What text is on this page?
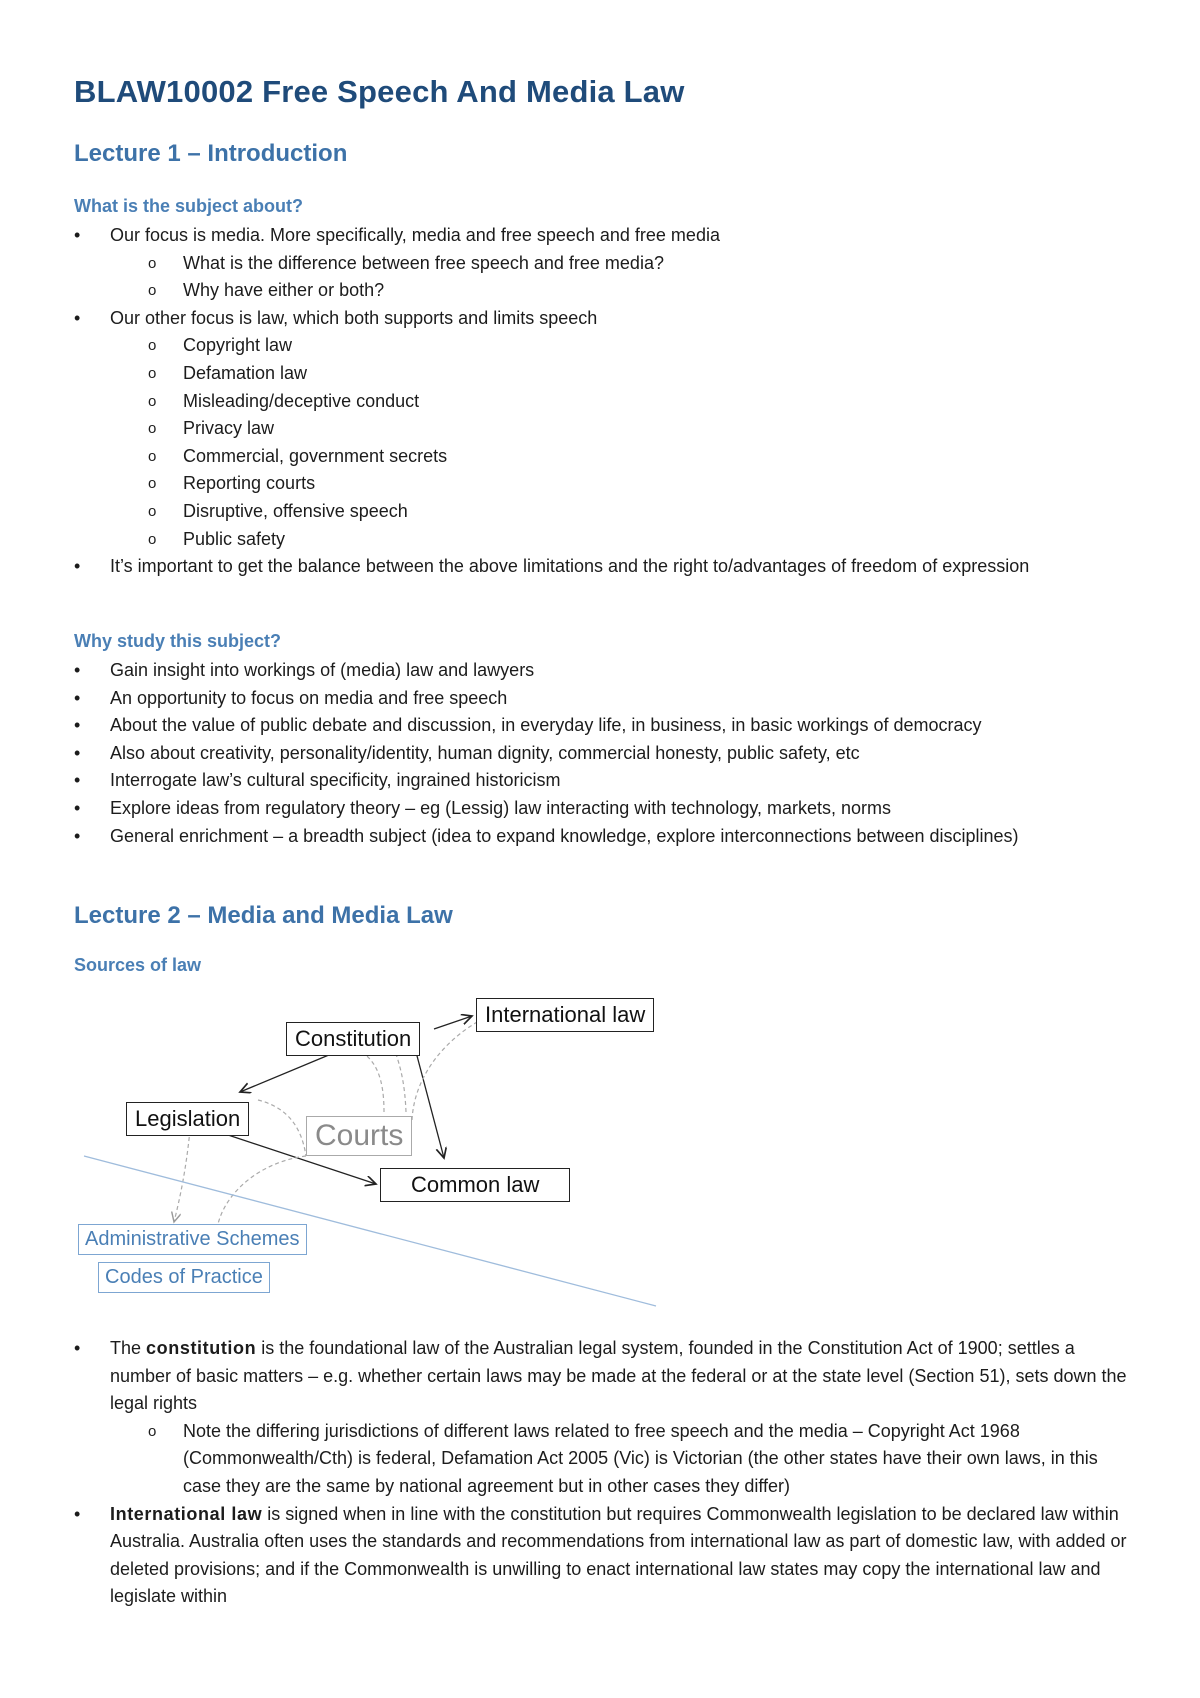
BLAW10002 Free Speech And Media Law
Lecture 1 – Introduction
What is the subject about?
• Our focus is media. More specifically, media and free speech and free media
o What is the difference between free speech and free media?
o Why have either or both?
• Our other focus is law, which both supports and limits speech
o Copyright law
o Defamation law
o Misleading/deceptive conduct
o Privacy law
o Commercial, government secrets
o Reporting courts
o Disruptive, offensive speech
o Public safety
• It’s important to get the balance between the above limitations and the right to/advantages of freedom of expression
Why study this subject?
• Gain insight into workings of (media) law and lawyers
• An opportunity to focus on media and free speech
• About the value of public debate and discussion, in everyday life, in business, in basic workings of democracy
• Also about creativity, personality/identity, human dignity, commercial honesty, public safety, etc
• Interrogate law’s cultural specificity, ingrained historicism
• Explore ideas from regulatory theory – eg (Lessig) law interacting with technology, markets, norms
• General enrichment – a breadth subject (idea to expand knowledge, explore interconnections between disciplines)
Lecture 2 – Media and Media Law
Sources of law
International law
Constitution
Legislation
Courts
Common law
Administrative Schemes
Codes of Practice
• The constitution is the foundational law of the Australian legal system, founded in the Constitution Act of 1900; settles a number of basic matters – e.g. whether certain laws may be made at the federal or at the state level (Section 51), sets down the legal rights
o Note the differing jurisdictions of different laws related to free speech and the media – Copyright Act 1968 (Commonwealth/Cth) is federal, Defamation Act 2005 (Vic) is Victorian (the other states have their own laws, in this case they are the same by national agreement but in other cases they differ)
• International law is signed when in line with the constitution but requires Commonwealth legislation to be declared law within Australia. Australia often uses the standards and recommendations from international law as part of domestic law, with added or deleted provisions; and if the Commonwealth is unwilling to enact international law states may copy the international law and legislate within
